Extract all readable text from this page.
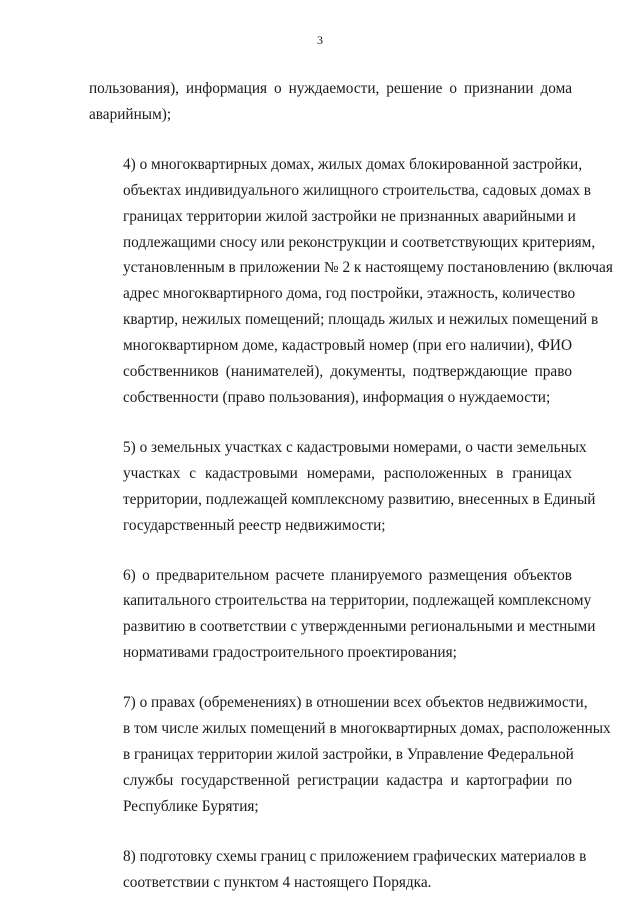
3

пользования), информация о нуждаемости, решение о признании дома
аварийным);

4) о многоквартирных домах, жилых домах блокированной застройки,
объектах индивидуального жилищного строительства, садовых домах в
границах территории жилой застройки не признанных аварийными и
подлежащими сносу или реконструкции и соответствующих критериям,
установленным в приложении № 2 к настоящему постановлению (включая
адрес многоквартирного дома, год постройки, этажность, количество
квартир, нежилых помещений; площадь жилых и нежилых помещений в
многоквартирном доме, кадастровый номер (при его наличии), ФИО
собственников (нанимателей), документы, подтверждающие право
собственности (право пользования), информация о нуждаемости;

5) о земельных участках с кадастровыми номерами, о части земельных
участках с кадастровыми номерами, расположенных в границах
территории, подлежащей комплексному развитию, внесенных в Единый
государственный реестр недвижимости;

6) о предварительном расчете планируемого размещения объектов
капитального строительства на территории, подлежащей комплексному
развитию в соответствии с утвержденными региональными и местными
нормативами градостроительного проектирования;

7) о правах (обременениях) в отношении всех объектов недвижимости,
в том числе жилых помещений в многоквартирных домах, расположенных
в границах территории жилой застройки, в Управление Федеральной
службы государственной регистрации кадастра и картографии по
Республике Бурятия;

8) подготовку схемы границ с приложением графических материалов в
соответствии с пунктом 4 настоящего Порядка.
